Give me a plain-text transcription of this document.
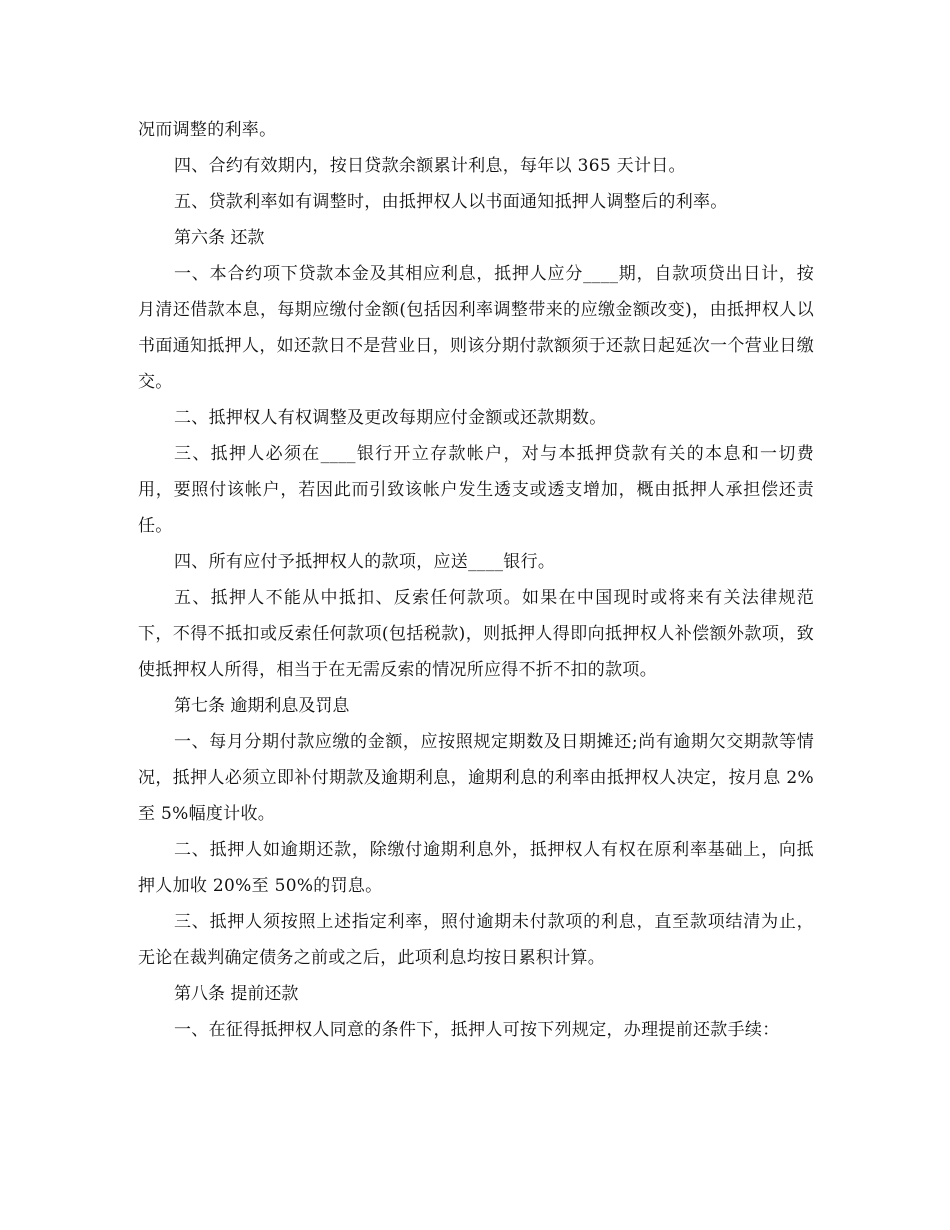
况而调整的利率。

四、合约有效期内，按日贷款余额累计利息，每年以 365 天计日。

五、贷款利率如有调整时，由抵押权人以书面通知抵押人调整后的利率。

第六条 还款

一、本合约项下贷款本金及其相应利息，抵押人应分____期，自款项贷出日计，按月清还借款本息，每期应缴付金额(包括因利率调整带来的应缴金额改变)，由抵押权人以书面通知抵押人，如还款日不是营业日，则该分期付款额须于还款日起延次一个营业日缴交。

二、抵押权人有权调整及更改每期应付金额或还款期数。

三、抵押人必须在____银行开立存款帐户，对与本抵押贷款有关的本息和一切费用，要照付该帐户，若因此而引致该帐户发生透支或透支增加，概由抵押人承担偿还责任。

四、所有应付予抵押权人的款项，应送____银行。

五、抵押人不能从中抵扣、反索任何款项。如果在中国现时或将来有关法律规范下，不得不抵扣或反索任何款项(包括税款)，则抵押人得即向抵押权人补偿额外款项，致使抵押权人所得，相当于在无需反索的情况所应得不折不扣的款项。

第七条 逾期利息及罚息

一、每月分期付款应缴的金额，应按照规定期数及日期摊还;尚有逾期欠交期款等情况，抵押人必须立即补付期款及逾期利息，逾期利息的利率由抵押权人决定，按月息 2%至 5%幅度计收。

二、抵押人如逾期还款，除缴付逾期利息外，抵押权人有权在原利率基础上，向抵押人加收 20%至 50%的罚息。

三、抵押人须按照上述指定利率，照付逾期未付款项的利息，直至款项结清为止，无论在裁判确定债务之前或之后，此项利息均按日累积计算。

第八条 提前还款

一、在征得抵押权人同意的条件下，抵押人可按下列规定，办理提前还款手续：
